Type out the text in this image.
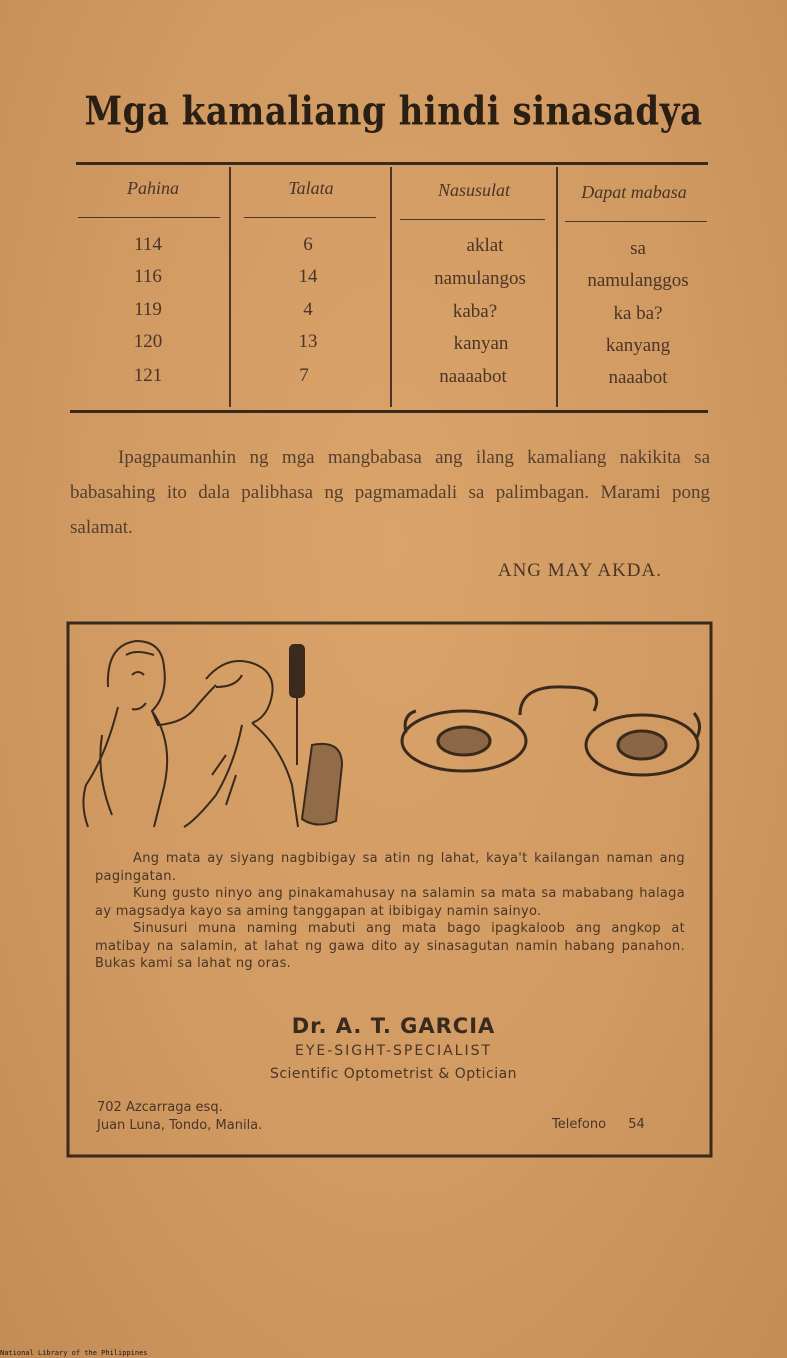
Mga kamaliang hindi sinasadya
Pahina	Talata	Nasusulat	Dapat mabasa
114	6	aklat	sa
116	14	namulangos	namulanggos
119	4	kaba?	ka ba?
120	13	kanyan	kanyang
121	7	naaaabot	naaabot
Ipagpaumanhin ng mga mangbabasa ang ilang kamaliang nakikita sa babasahing ito dala palibhasa ng pagmamadali sa palimbagan. Marami pong salamat.
ANG MAY AKDA.

Ang mata ay siyang nagbibigay sa atin ng lahat, kaya't kailangan naman ang pagingatan.

Kung gusto ninyo ang pinakamahusay na salamin sa mata sa mababang halaga ay magsadya kayo sa aming tanggapan at ibibigay namin sainyo.

Sinusuri muna naming mabuti ang mata bago ipagkaloob ang angkop at matibay na salamin, at lahat ng gawa dito ay sinasagutan namin habang panahon. Bukas kami sa lahat ng oras.

Dr. A. T. GARCIA
EYE-SIGHT-SPECIALIST
Scientific Optometrist & Optician
702 Azcarraga esq.
Juan Luna, Tondo, Manila.	Telefono 54
National Library of the Philippines
